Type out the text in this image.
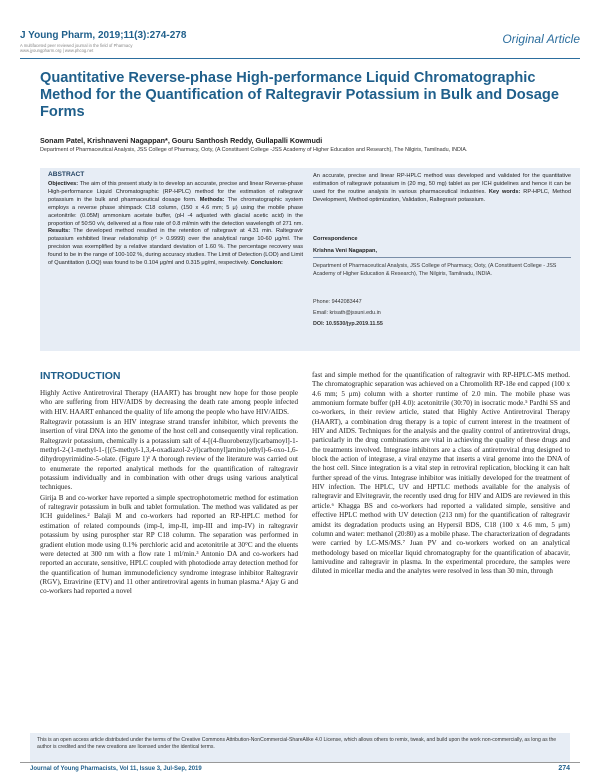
J Young Pharm, 2019;11(3):274-278
A multifaceted peer reviewed journal in the field of Pharmacy
www.jyoungpharm.org | www.phcog.net
Original Article
Quantitative Reverse-phase High-performance Liquid Chromatographic Method for the Quantification of Raltegravir Potassium in Bulk and Dosage Forms
Sonam Patel, Krishnaveni Nagappan*, Gouru Santhosh Reddy, Gullapalli Kowmudi
Department of Pharmaceutical Analysis, JSS College of Pharmacy, Ooty, (A Constituent College -JSS Academy of Higher Education and Research), The Nilgiris, Tamilnadu, INDIA.
ABSTRACT
Objectives: The aim of this present study is to develop an accurate, precise and linear Reverse-phase High-performance Liquid Chromatographic (RP-HPLC) method for the estimation of raltegravir potassium in the bulk and pharmaceutical dosage form. Methods: The chromatographic system employs a reverse phase shimpack C18 column, (150 x 4.6 mm; 5 μ) using the mobile phase acetonitrile: (0.05M) ammonium acetate buffer, (pH -4 adjusted with glacial acetic acid) in the proportion of 50:50 v/v, delivered at a flow rate of 0.8 ml/min with the detection wavelength of 271 nm. Results: The developed method resulted in the retention of raltegravir at 4.31 min. Raltegravir potassium exhibited linear relationship (r² > 0.9999) over the analytical range 10-60 μg/ml. The precision was exemplified by a relative standard deviation of 1.60 %. The percentage recovery was found to be in the range of 100-102 %, during accuracy studies. The Limit of Detection (LOD) and Limit of Quantitation (LOQ) was found to be 0.104 μg/ml and 0.315 μg/ml, respectively. Conclusion:
An accurate, precise and linear RP-HPLC method was developed and validated for the quantitative estimation of raltegravir potassium in (20 mg, 50 mg) tablet as per ICH guidelines and hence it can be used for the routine analysis in various pharmaceutical industries. Key words: RP-HPLC, Method Development, Method optimization, Validation, Raltegravir potassium.
Correspondence
Krishna Veni Nagappan,
Department of Pharmaceutical Analysis, JSS College of Pharmacy, Ooty, (A Constituent College - JSS Academy of Higher Education & Research), The Nilgiris, Tamilnadu, INDIA.
Phone: 9442083447
Email: krisath@jssuni.edu.in
DOI: 10.5530/jyp.2019.11.55
INTRODUCTION

Highly Active Antiretroviral Therapy (HAART) has brought new hope for those people who are suffering from HIV/AIDS by decreasing the death rate among people infected with HIV. HAART enhanced the quality of life among the people who have HIV/AIDS.

Raltegravir potassium is an HIV integrase strand transfer inhibitor, which prevents the insertion of viral DNA into the genome of the host cell and consequently viral replication. Raltegravir potassium, chemically is a potassium salt of 4-[(4-fluorobenzyl)carbamoyl]-1-methyl-2-(1-methyl-1-{[(5-methyl-1,3,4-oxadiazol-2-yl)carbonyl]amino}ethyl)-6-oxo-1,6-dihydropyrimidine-5-olate. (Figure 1)¹ A thorough review of the literature was carried out to enumerate the reported analytical methods for the quantification of raltegravir potassium individually and in combination with other drugs using various analytical techniques.

Girija B and co-worker have reported a simple spectrophotometric method for estimation of raltegravir potassium in bulk and tablet formulation. The method was validated as per ICH guidelines.² Balaji M and co-workers had reported an RP-HPLC method for estimation of related compounds (imp-I, imp-II, imp-III and imp-IV) in raltegravir potassium by using purospher star RP C18 column. The separation was performed in gradient elution mode using 0.1% perchloric acid and acetonitrile at 30°C and the eluents were detected at 300 nm with a flow rate 1 ml/min.³ Antonio DA and co-workers had reported an accurate, sensitive, HPLC coupled with photodiode array detection method for the quantification of human immunodeficiency syndrome integrase inhibitor Raltegravir (RGV), Etravirine (ETV) and 11 other antiretroviral agents in human plasma.⁴ Ajay G and co-workers had reported a novel

fast and simple method for the quantification of raltegravir with RP-HPLC-MS method. The chromatographic separation was achieved on a Chromolith RP-18e end capped (100 x 4.6 mm; 5 μm) column with a shorter runtime of 2.0 min. The mobile phase was ammonium formate buffer (pH 4.0): acetonitrile (30:70) in isocratic mode.⁵ Pardhi SS and co-workers, in their review article, stated that Highly Active Antiretroviral Therapy (HAART), a combination drug therapy is a topic of current interest in the treatment of HIV and AIDS. Techniques for the analysis and the quality control of antiretroviral drugs, particularly in the drug combinations are vital in achieving the quality of these drugs and the treatments involved. Integrase inhibitors are a class of antiretroviral drug designed to block the action of integrase, a viral enzyme that inserts a viral genome into the DNA of the host cell. Since integration is a vital step in retroviral replication, blocking it can halt further spread of the virus. Integrase inhibitor was initially developed for the treatment of HIV infection. The HPLC, UV and HPTLC methods available for the analysis of raltegravir and Elvitegravir, the recently used drug for HIV and AIDS are reviewed in this article.⁶ Khagga BS and co-workers had reported a validated simple, sensitive and effective HPLC method with UV detection (213 nm) for the quantification of raltegravir amidst its degradation products using an Hypersil BDS, C18 (100 x 4.6 mm, 5 μm) column and water: methanol (20:80) as a mobile phase. The characterization of degradants were carried by LC-MS/MS.⁷ Juan PV and co-workers worked on an analytical methodology based on micellar liquid chromatography for the quantification of abacavir, lamivudine and raltegravir in plasma. In the experimental procedure, the samples were diluted in micellar media and the analytes were resolved in less than 30 min, through

This is an open access article distributed under the terms of the Creative Commons Attribution-NonCommercial-ShareAlike 4.0 License, which allows others to remix, tweak, and build upon the work non-commercially, as long as the author is credited and the new creations are licensed under the identical terms.
Journal of Young Pharmacists, Vol 11, Issue 3, Jul-Sep, 2019	274
